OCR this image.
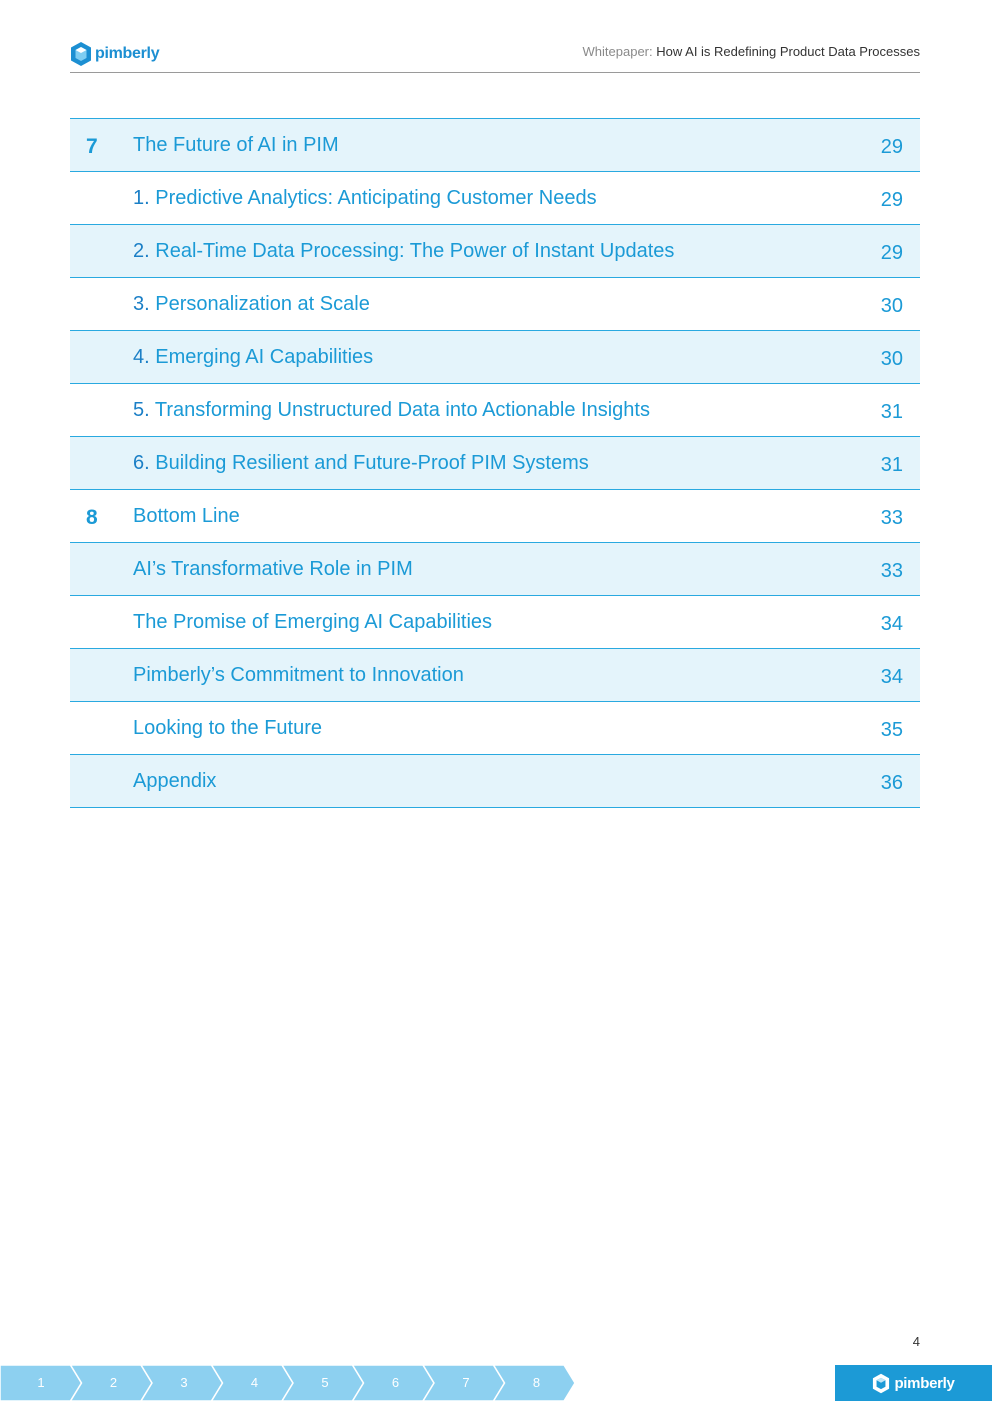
pimberly	Whitepaper: How AI is Redefining Product Data Processes
7 The Future of AI in PIM	29
1. Predictive Analytics: Anticipating Customer Needs	29
2. Real-Time Data Processing: The Power of Instant Updates	29
3. Personalization at Scale	30
4. Emerging AI Capabilities	30
5. Transforming Unstructured Data into Actionable Insights	31
6. Building Resilient and Future-Proof PIM Systems	31
8 Bottom Line	33
AI’s Transformative Role in PIM	33
The Promise of Emerging AI Capabilities	34
Pimberly’s Commitment to Innovation	34
Looking to the Future	35
Appendix	36
4
1	2	3	4	5	6	7	8	pimberly
